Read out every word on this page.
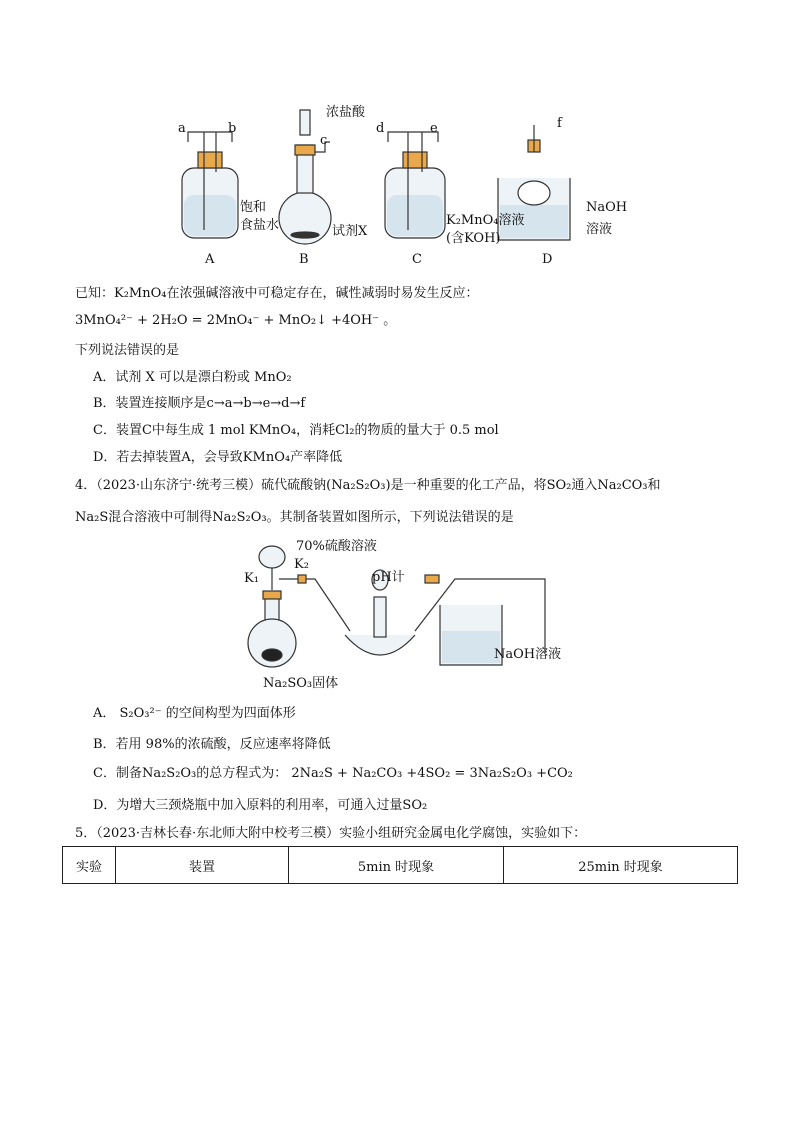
a	b
c
d	e	f
浓盐酸
饱和
食盐水	试剂X
K₂MnO₄溶液
(含KOH)
NaOH
溶液
A	B	C	D
已知：K₂MnO₄在浓强碱溶液中可稳定存在，碱性减弱时易发生反应：
3MnO₄²⁻ + 2H₂O = 2MnO₄⁻ + MnO₂↓ +4OH⁻ 。
下列说法错误的是
A．试剂 X 可以是漂白粉或 MnO₂
B．装置连接顺序是c→a→b→e→d→f
C．装置C中每生成 1 mol KMnO₄，消耗Cl₂的物质的量大于 0.5 mol
D．若去掉装置A，会导致KMnO₄产率降低
4．（2023·山东济宁·统考三模）硫代硫酸钠(Na₂S₂O₃)是一种重要的化工产品，将SO₂通入Na₂CO₃和
Na₂S混合溶液中可制得Na₂S₂O₃。其制备装置如图所示，下列说法错误的是
70%硫酸溶液
K₁
K₂
pH计
NaOH溶液
Na₂SO₃固体
A． S₂O₃²⁻ 的空间构型为四面体形
B．若用 98%的浓硫酸，反应速率将降低
C．制备Na₂S₂O₃的总方程式为： 2Na₂S + Na₂CO₃ +4SO₂ = 3Na₂S₂O₃ +CO₂
D．为增大三颈烧瓶中加入原料的利用率，可通入过量SO₂
5．（2023·吉林长春·东北师大附中校考三模）实验小组研究金属电化学腐蚀，实验如下：
实验	装置	5min 时现象	25min 时现象
